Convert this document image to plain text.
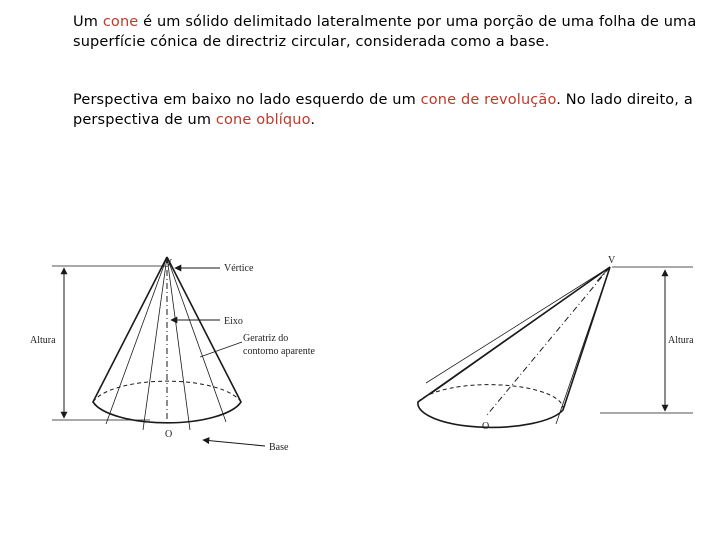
Um cone é um sólido delimitado lateralmente por uma porção de uma folha de uma superfície cónica de directriz circular, considerada como a base.
Perspectiva em baixo no lado esquerdo de um cone de revolução. No lado direito, a perspectiva de um cone oblíquo.
V	Vértice
Eixo
Geratriz do
contorno aparente
Altura
O
Base
V
Altura
O
